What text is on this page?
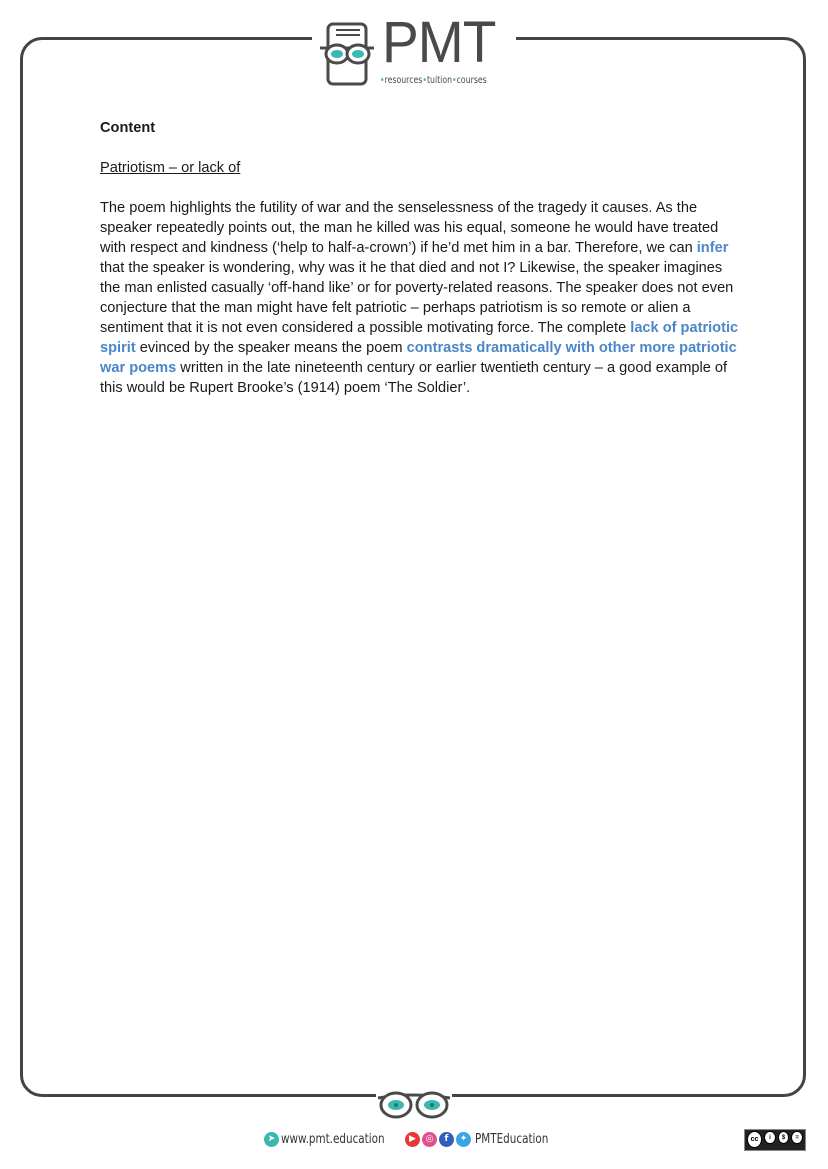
PMT
•resources•tuition•courses

Content

Patriotism – or lack of

The poem highlights the futility of war and the senselessness of the tragedy it causes. As the speaker repeatedly points out, the man he killed was his equal, someone he would have treated with respect and kindness (‘help to half-a-crown’) if he’d met him in a bar. Therefore, we can infer that the speaker is wondering, why was it he that died and not I? Likewise, the speaker imagines the man enlisted casually ‘off-hand like’ or for poverty-related reasons. The speaker does not even conjecture that the man might have felt patriotic – perhaps patriotism is so remote or alien a sentiment that it is not even considered a possible motivating force. The complete lack of patriotic spirit evinced by the speaker means the poem contrasts dramatically with other more patriotic war poems written in the late nineteenth century or earlier twentieth century – a good example of this would be Rupert Brooke’s (1914) poem ‘The Soldier’.

➤ www.pmt.education	▶	◎	f	✦ PMTEducation	cc	i	$	=
